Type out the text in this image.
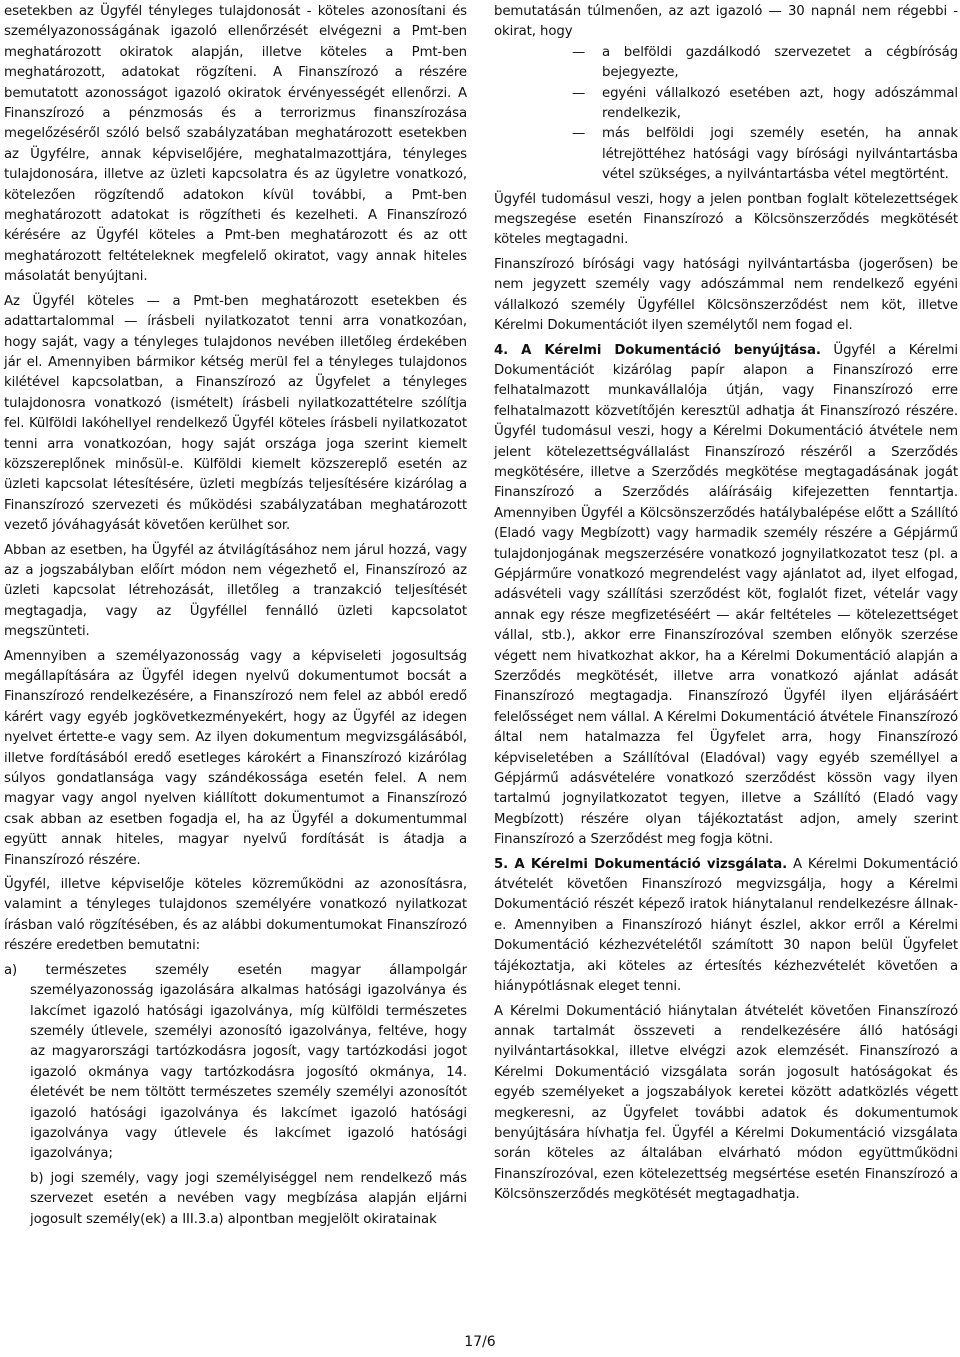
esetekben az Ügyfél tényleges tulajdonosát - köteles azonosítani és személyazonosságának igazoló ellenőrzését elvégezni a Pmt-ben meghatározott okiratok alapján, illetve köteles a Pmt-ben meghatározott, adatokat rögzíteni. A Finanszírozó a részére bemutatott azonosságot igazoló okiratok érvényességét ellenőrzi. A Finanszírozó a pénzmosás és a terrorizmus finanszírozása megelőzéséről szóló belső szabályzatában meghatározott esetekben az Ügyfélre, annak képviselőjére, meghatalmazottjára, tényleges tulajdonosára, illetve az üzleti kapcsolatra és az ügyletre vonatkozó, kötelezően rögzítendő adatokon kívül további, a Pmt-ben meghatározott adatokat is rögzítheti és kezelheti. A Finanszírozó kérésére az Ügyfél köteles a Pmt-ben meghatározott és az ott meghatározott feltételeknek megfelelő okiratot, vagy annak hiteles másolatát benyújtani.

Az Ügyfél köteles — a Pmt-ben meghatározott esetekben és adattartalommal — írásbeli nyilatkozatot tenni arra vonatkozóan, hogy saját, vagy a tényleges tulajdonos nevében illetőleg érdekében jár el. Amennyiben bármikor kétség merül fel a tényleges tulajdonos kilétével kapcsolatban, a Finanszírozó az Ügyfelet a tényleges tulajdonosra vonatkozó (ismételt) írásbeli nyilatkozattételre szólítja fel. Külföldi lakóhellyel rendelkező Ügyfél köteles írásbeli nyilatkozatot tenni arra vonatkozóan, hogy saját országa joga szerint kiemelt közszereplőnek minősül-e. Külföldi kiemelt közszereplő esetén az üzleti kapcsolat létesítésére, üzleti megbízás teljesítésére kizárólag a Finanszírozó szervezeti és működési szabályzatában meghatározott vezető jóváhagyását követően kerülhet sor.

Abban az esetben, ha Ügyfél az átvilágításához nem járul hozzá, vagy az a jogszabályban előírt módon nem végezhető el, Finanszírozó az üzleti kapcsolat létrehozását, illetőleg a tranzakció teljesítését megtagadja, vagy az Ügyféllel fennálló üzleti kapcsolatot megszünteti.

Amennyiben a személyazonosság vagy a képviseleti jogosultság megállapítására az Ügyfél idegen nyelvű dokumentumot bocsát a Finanszírozó rendelkezésére, a Finanszírozó nem felel az abból eredő kárért vagy egyéb jogkövetkezményekért, hogy az Ügyfél az idegen nyelvet értette-e vagy sem. Az ilyen dokumentum megvizsgálásából, illetve fordításából eredő esetleges károkért a Finanszírozó kizárólag súlyos gondatlansága vagy szándékossága esetén felel. A nem magyar vagy angol nyelven kiállított dokumentumot a Finanszírozó csak abban az esetben fogadja el, ha az Ügyfél a dokumentummal együtt annak hiteles, magyar nyelvű fordítását is átadja a Finanszírozó részére.

Ügyfél, illetve képviselője köteles közreműködni az azonosításra, valamint a tényleges tulajdonos személyére vonatkozó nyilatkozat írásban való rögzítésében, és az alábbi dokumentumokat Finanszírozó részére eredetben bemutatni:

a) természetes személy esetén magyar állampolgár személyazonosság igazolására alkalmas hatósági igazolványa és lakcímet igazoló hatósági igazolványa, míg külföldi természetes személy útlevele, személyi azonosító igazolványa, feltéve, hogy az magyarországi tartózkodásra jogosít, vagy tartózkodási jogot igazoló okmánya vagy tartózkodásra jogosító okmánya, 14. életévét be nem töltött természetes személy személyi azonosítót igazoló hatósági igazolványa és lakcímet igazoló hatósági igazolványa vagy útlevele és lakcímet igazoló hatósági igazolványa;

b) jogi személy, vagy jogi személyiséggel nem rendelkező más szervezet esetén a nevében vagy megbízása alapján eljárni jogosult személy(ek) a III.3.a) alpontban megjelölt okiratainak

bemutatásán túlmenően, az azt igazoló — 30 napnál nem régebbi - okirat, hogy

— a belföldi gazdálkodó szervezetet a cégbíróság bejegyezte,

— egyéni vállalkozó esetében azt, hogy adószámmal rendelkezik,

— más belföldi jogi személy esetén, ha annak létrejöttéhez hatósági vagy bírósági nyilvántartásba vétel szükséges, a nyilvántartásba vétel megtörtént.

Ügyfél tudomásul veszi, hogy a jelen pontban foglalt kötelezettségek megszegése esetén Finanszírozó a Kölcsönszerződés megkötését köteles megtagadni.

Finanszírozó bírósági vagy hatósági nyilvántartásba (jogerősen) be nem jegyzett személy vagy adószámmal nem rendelkező egyéni vállalkozó személy Ügyféllel Kölcsönszerződést nem köt, illetve Kérelmi Dokumentációt ilyen személytől nem fogad el.

4. A Kérelmi Dokumentáció benyújtása. Ügyfél a Kérelmi Dokumentációt kizárólag papír alapon a Finanszírozó erre felhatalmazott munkavállalója útján, vagy Finanszírozó erre felhatalmazott közvetítőjén keresztül adhatja át Finanszírozó részére. Ügyfél tudomásul veszi, hogy a Kérelmi Dokumentáció átvétele nem jelent kötelezettségvállalást Finanszírozó részéről a Szerződés megkötésére, illetve a Szerződés megkötése megtagadásának jogát Finanszírozó a Szerződés aláírásáig kifejezetten fenntartja. Amennyiben Ügyfél a Kölcsönszerződés hatálybalépése előtt a Szállító (Eladó vagy Megbízott) vagy harmadik személy részére a Gépjármű tulajdonjogának megszerzésére vonatkozó jognyilatkozatot tesz (pl. a Gépjárműre vonatkozó megrendelést vagy ajánlatot ad, ilyet elfogad, adásvételi vagy szállítási szerződést köt, foglalót fizet, vételár vagy annak egy része megfizetéséért — akár feltételes — kötelezettséget vállal, stb.), akkor erre Finanszírozóval szemben előnyök szerzése végett nem hivatkozhat akkor, ha a Kérelmi Dokumentáció alapján a Szerződés megkötését, illetve arra vonatkozó ajánlat adását Finanszírozó megtagadja. Finanszírozó Ügyfél ilyen eljárásáért felelősséget nem vállal. A Kérelmi Dokumentáció átvétele Finanszírozó által nem hatalmazza fel Ügyfelet arra, hogy Finanszírozó képviseletében a Szállítóval (Eladóval) vagy egyéb személlyel a Gépjármű adásvételére vonatkozó szerződést kössön vagy ilyen tartalmú jognyilatkozatot tegyen, illetve a Szállító (Eladó vagy Megbízott) részére olyan tájékoztatást adjon, amely szerint Finanszírozó a Szerződést meg fogja kötni.

5. A Kérelmi Dokumentáció vizsgálata. A Kérelmi Dokumentáció átvételét követően Finanszírozó megvizsgálja, hogy a Kérelmi Dokumentáció részét képező iratok hiánytalanul rendelkezésre állnak-e. Amennyiben a Finanszírozó hiányt észlel, akkor erről a Kérelmi Dokumentáció kézhezvételétől számított 30 napon belül Ügyfelet tájékoztatja, aki köteles az értesítés kézhezvételét követően a hiánypótlásnak eleget tenni.

A Kérelmi Dokumentáció hiánytalan átvételét követően Finanszírozó annak tartalmát összeveti a rendelkezésére álló hatósági nyilvántartásokkal, illetve elvégzi azok elemzését. Finanszírozó a Kérelmi Dokumentáció vizsgálata során jogosult hatóságokat és egyéb személyeket a jogszabályok keretei között adatközlés végett megkeresni, az Ügyfelet további adatok és dokumentumok benyújtására hívhatja fel. Ügyfél a Kérelmi Dokumentáció vizsgálata során köteles az általában elvárható módon együttműködni Finanszírozóval, ezen kötelezettség megsértése esetén Finanszírozó a Kölcsönszerződés megkötését megtagadhatja.

17/6
